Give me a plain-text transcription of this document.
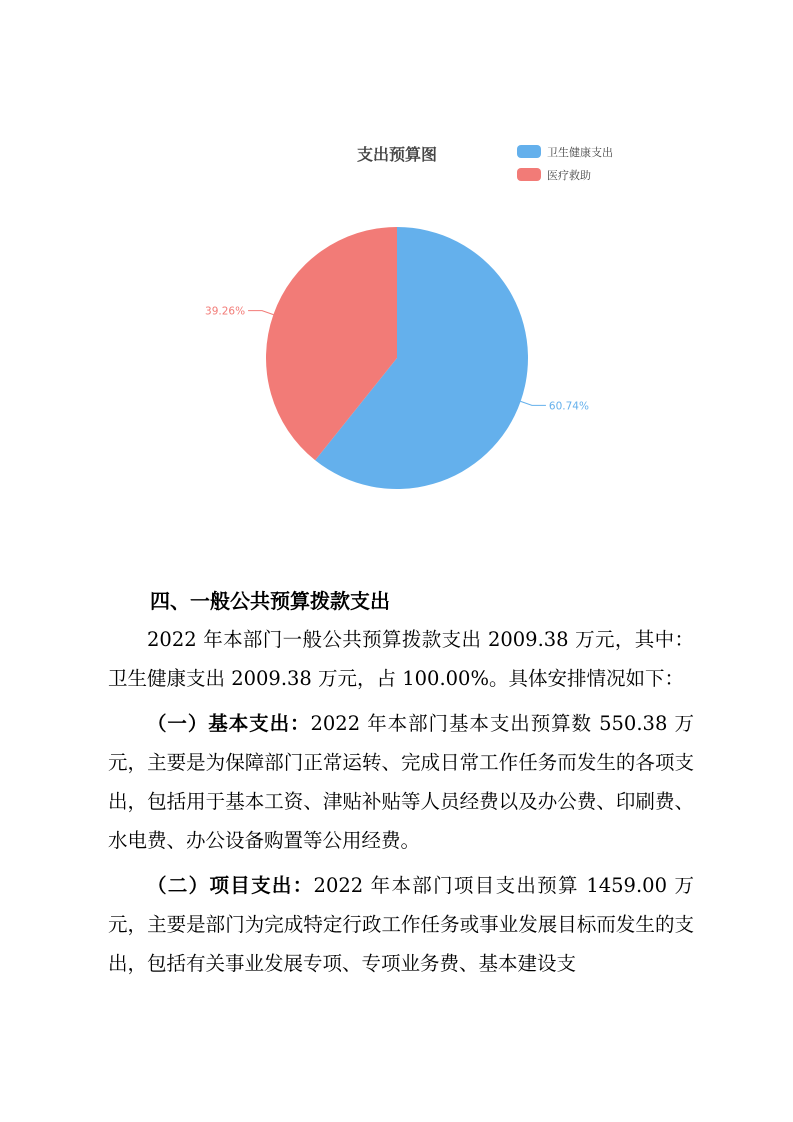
支出预算图	卫生健康支出
医疗救助
60.74%
39.26%
四、一般公共预算拨款支出

2022 年本部门一般公共预算拨款支出 2009.38 万元，其中：卫生健康支出 2009.38 万元，占 100.00%。具体安排情况如下：

（一）基本支出：2022 年本部门基本支出预算数 550.38 万元，主要是为保障部门正常运转、完成日常工作任务而发生的各项支出，包括用于基本工资、津贴补贴等人员经费以及办公费、印刷费、水电费、办公设备购置等公用经费。

（二）项目支出：2022 年本部门项目支出预算 1459.00 万元，主要是部门为完成特定行政工作任务或事业发展目标而发生的支出，包括有关事业发展专项、专项业务费、基本建设支
